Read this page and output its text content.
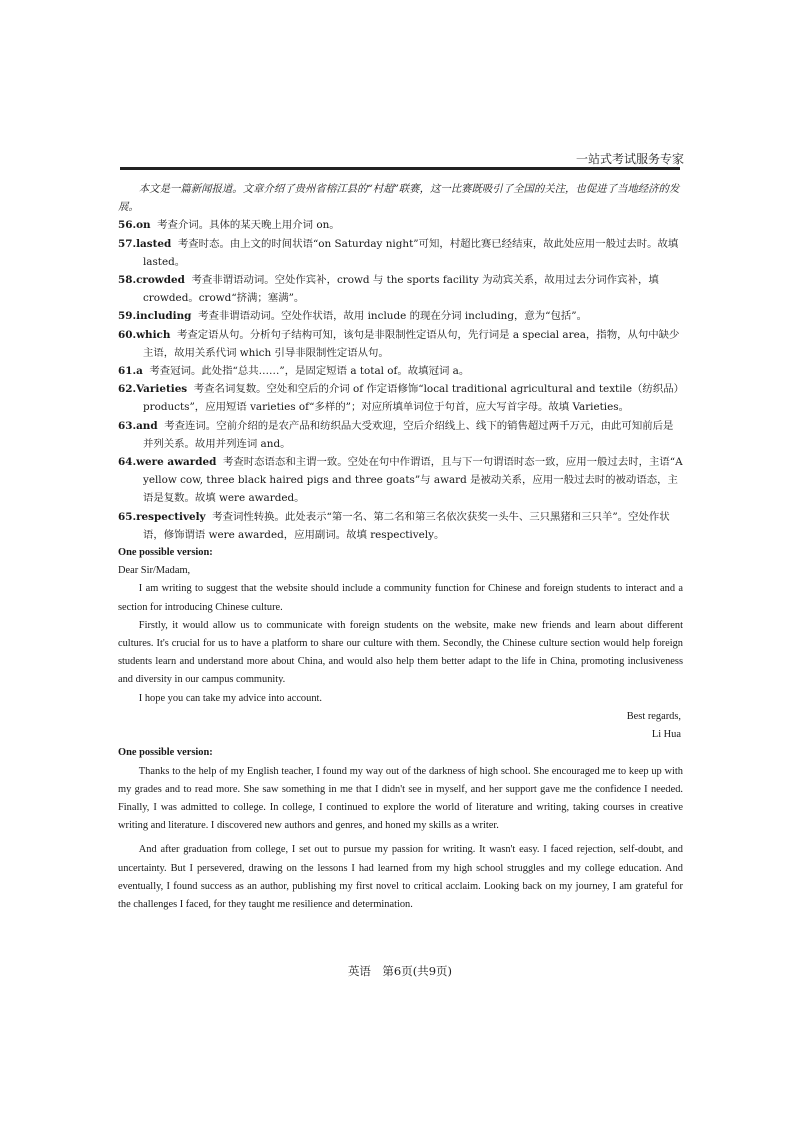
一站式考试服务专家

本文是一篇新闻报道。文章介绍了贵州省榕江县的“村超”联赛，这一比赛既吸引了全国的关注，也促进了当地经济的发展。

56.on 考查介词。具体的某天晚上用介词 on。

57.lasted 考查时态。由上文的时间状语“on Saturday night”可知，村超比赛已经结束，故此处应用一般过去时。故填 lasted。

58.crowded 考查非谓语动词。空处作宾补，crowd 与 the sports facility 为动宾关系，故用过去分词作宾补，填 crowded。crowd“挤满；塞满”。

59.including 考查非谓语动词。空处作状语，故用 include 的现在分词 including，意为“包括”。

60.which 考查定语从句。分析句子结构可知，该句是非限制性定语从句，先行词是 a special area，指物，从句中缺少主语，故用关系代词 which 引导非限制性定语从句。

61.a 考查冠词。此处指“总共……”，是固定短语 a total of。故填冠词 a。

62.Varieties 考查名词复数。空处和空后的介词 of 作定语修饰“local traditional agricultural and textile（纺织品）products”，应用短语 varieties of“多样的”；对应所填单词位于句首，应大写首字母。故填 Varieties。

63.and 考查连词。空前介绍的是农产品和纺织品大受欢迎，空后介绍线上、线下的销售超过两千万元，由此可知前后是并列关系。故用并列连词 and。

64.were awarded 考查时态语态和主谓一致。空处在句中作谓语，且与下一句谓语时态一致，应用一般过去时，主语“A yellow cow, three black haired pigs and three goats”与 award 是被动关系，应用一般过去时的被动语态，主语是复数。故填 were awarded。

65.respectively 考查词性转换。此处表示“第一名、第二名和第三名依次获奖一头牛、三只黑猪和三只羊”。空处作状语，修饰谓语 were awarded，应用副词。故填 respectively。

One possible version:

Dear Sir/Madam,

I am writing to suggest that the website should include a community function for Chinese and foreign students to interact and a section for introducing Chinese culture.

Firstly, it would allow us to communicate with foreign students on the website, make new friends and learn about different cultures. It's crucial for us to have a platform to share our culture with them. Secondly, the Chinese culture section would help foreign students learn and understand more about China, and would also help them better adapt to the life in China, promoting inclusiveness and diversity in our campus community.

I hope you can take my advice into account.

Best regards,
Li Hua

One possible version:

Thanks to the help of my English teacher, I found my way out of the darkness of high school. She encouraged me to keep up with my grades and to read more. She saw something in me that I didn't see in myself, and her support gave me the confidence I needed. Finally, I was admitted to college. In college, I continued to explore the world of literature and writing, taking courses in creative writing and literature. I discovered new authors and genres, and honed my skills as a writer.

And after graduation from college, I set out to pursue my passion for writing. It wasn't easy. I faced rejection, self-doubt, and uncertainty. But I persevered, drawing on the lessons I had learned from my high school struggles and my college education. And eventually, I found success as an author, publishing my first novel to critical acclaim. Looking back on my journey, I am grateful for the challenges I faced, for they taught me resilience and determination.

英语　第6页(共9页)
